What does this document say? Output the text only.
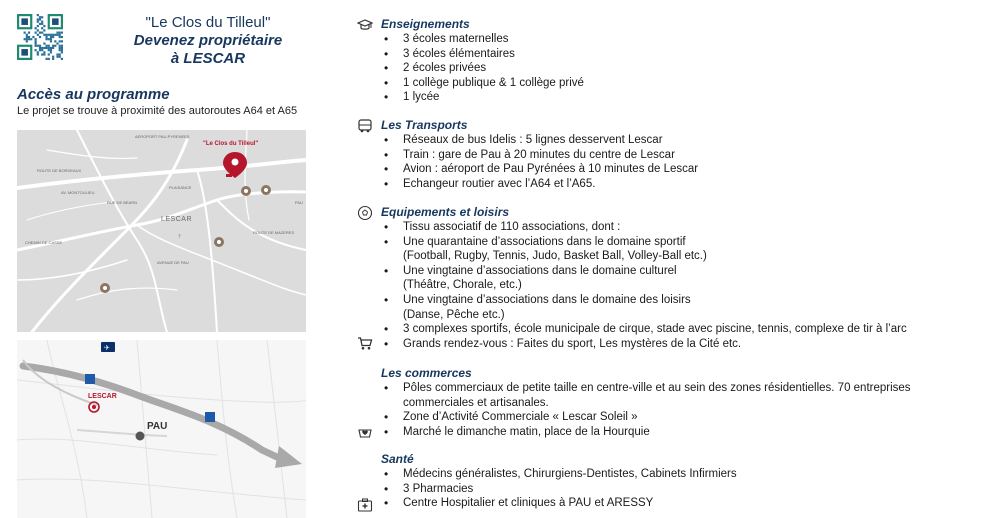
"Le Clos du Tilleul"
Devenez propriétaire
à LESCAR
Accès au programme
Le projet se trouve à proximité des autoroutes A64 et A65
✝
"Le Clos du Tilleul"
LESCAR
AEROPORT PAU-PYRENEES
ROUTE DE BORDEAUX
PLAISANCE
AV. MONTOULIEU
RUE DE BEARN
CHEMIN DE CASSE
AVENUE DE PAU
ROUTE DE MAZERES
PAU
✈
LESCAR
PAU
Enseignements
• 3 écoles maternelles
• 3 écoles élémentaires
• 2 écoles privées
• 1 collège publique & 1 collège privé
• 1 lycée
Les Transports
• Réseaux de bus Idelis : 5 lignes desservent Lescar
• Train : gare de Pau à 20 minutes du centre de Lescar
• Avion : aéroport de Pau Pyrénées à 10 minutes de Lescar
• Echangeur routier avec l’A64 et l’A65.
Equipements et loisirs
• Tissu associatif de 110 associations, dont :
• Une quarantaine d’associations dans le domaine sportif
(Football, Rugby, Tennis, Judo, Basket Ball, Volley-Ball etc.)
• Une vingtaine d’associations dans le domaine culturel
(Théâtre, Chorale, etc.)
• Une vingtaine d’associations dans le domaine des loisirs
(Danse, Pêche etc.)
• 3 complexes sportifs, école municipale de cirque, stade avec piscine, tennis, complexe de tir à l’arc
• Grands rendez-vous : Faites du sport, Les mystères de la Cité etc.
Les commerces
• Pôles commerciaux de petite taille en centre-ville et au sein des zones résidentielles. 70 entreprises
commerciales et artisanales.
• Zone d’Activité Commerciale « Lescar Soleil »
• Marché le dimanche matin, place de la Hourquie
Santé
• Médecins généralistes, Chirurgiens-Dentistes, Cabinets Infirmiers
• 3 Pharmacies
• Centre Hospitalier et cliniques à PAU et ARESSY
